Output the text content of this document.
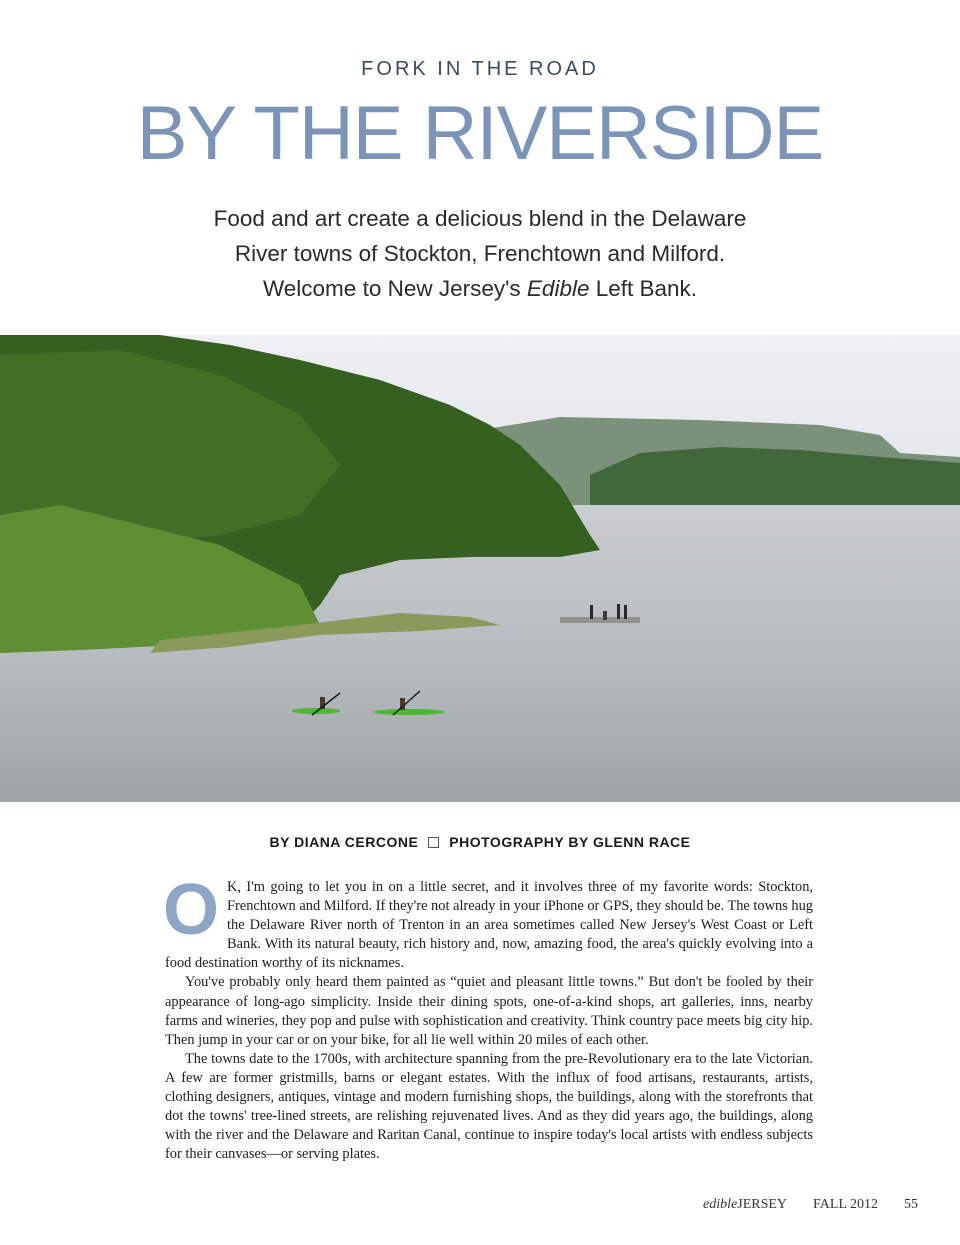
FORK IN THE ROAD
BY THE RIVERSIDE
Food and art create a delicious blend in the Delaware
River towns of Stockton, Frenchtown and Milford.
Welcome to New Jersey's Edible Left Bank.
BY DIANA CERCONE PHOTOGRAPHY BY GLENN RACE

O K, I'm going to let you in on a little secret, and it involves three of my favorite words: Stockton, Frenchtown and Milford. If they're not already in your iPhone or GPS, they should be. The towns hug the Delaware River north of Trenton in an area sometimes called New Jersey's West Coast or Left Bank. With its natural beauty, rich history and, now, amazing food, the area's quickly evolving into a food destination worthy of its nicknames.

You've probably only heard them painted as “quiet and pleasant little towns.” But don't be fooled by their appearance of long-ago simplicity. Inside their dining spots, one-of-a-kind shops, art galleries, inns, nearby farms and wineries, they pop and pulse with sophistication and creativity. Think country pace meets big city hip. Then jump in your car or on your bike, for all lie well within 20 miles of each other.

The towns date to the 1700s, with architecture spanning from the pre-Revolutionary era to the late Victorian. A few are former gristmills, barns or elegant estates. With the influx of food artisans, restaurants, artists, clothing designers, antiques, vintage and modern furnishing shops, the buildings, along with the storefronts that dot the towns' tree-lined streets, are relishing rejuvenated lives. And as they did years ago, the buildings, along with the river and the Delaware and Raritan Canal, continue to inspire today's local artists with endless subjects for their canvases—or serving plates.

edibleJERSEY FALL 2012 55
